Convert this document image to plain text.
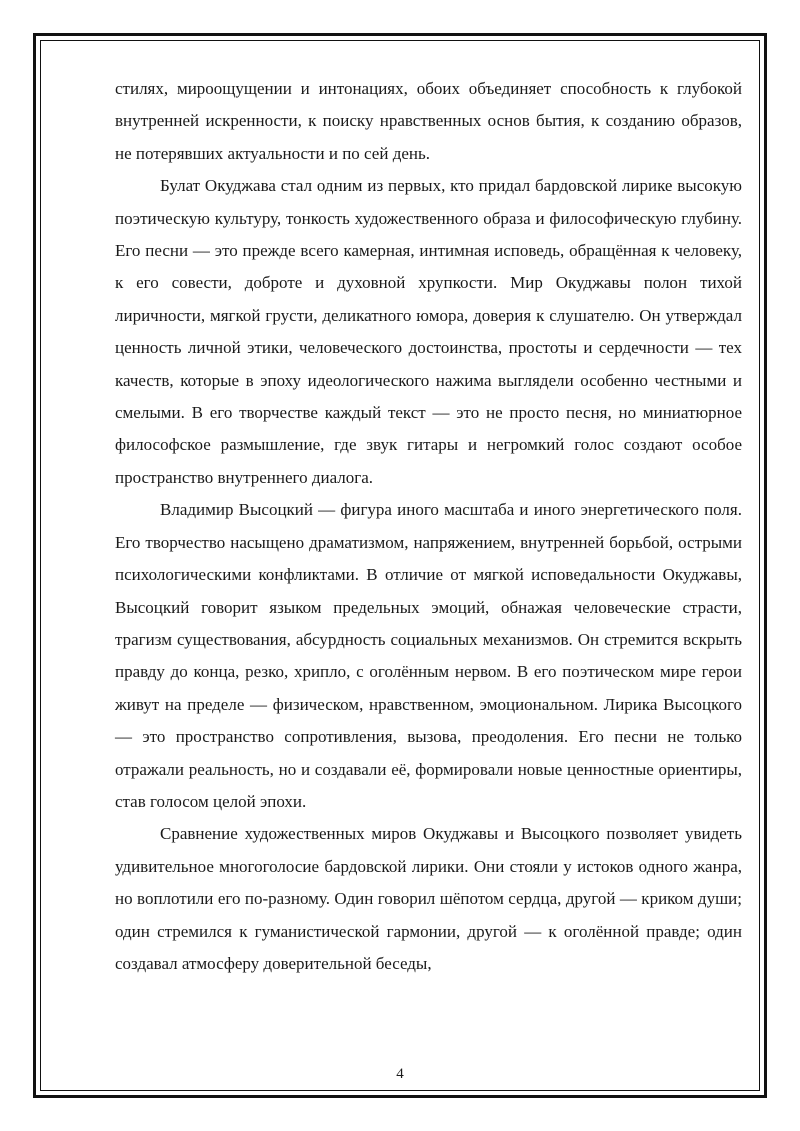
стилях, мироощущении и интонациях, обоих объединяет способность к глубокой внутренней искренности, к поиску нравственных основ бытия, к созданию образов, не потерявших актуальности и по сей день.

Булат Окуджава стал одним из первых, кто придал бардовской лирике высокую поэтическую культуру, тонкость художественного образа и философическую глубину. Его песни — это прежде всего камерная, интимная исповедь, обращённая к человеку, к его совести, доброте и духовной хрупкости. Мир Окуджавы полон тихой лиричности, мягкой грусти, деликатного юмора, доверия к слушателю. Он утверждал ценность личной этики, человеческого достоинства, простоты и сердечности — тех качеств, которые в эпоху идеологического нажима выглядели особенно честными и смелыми. В его творчестве каждый текст — это не просто песня, но миниатюрное философское размышление, где звук гитары и негромкий голос создают особое пространство внутреннего диалога.

Владимир Высоцкий — фигура иного масштаба и иного энергетического поля. Его творчество насыщено драматизмом, напряжением, внутренней борьбой, острыми психологическими конфликтами. В отличие от мягкой исповедальности Окуджавы, Высоцкий говорит языком предельных эмоций, обнажая человеческие страсти, трагизм существования, абсурдность социальных механизмов. Он стремится вскрыть правду до конца, резко, хрипло, с оголённым нервом. В его поэтическом мире герои живут на пределе — физическом, нравственном, эмоциональном. Лирика Высоцкого — это пространство сопротивления, вызова, преодоления. Его песни не только отражали реальность, но и создавали её, формировали новые ценностные ориентиры, став голосом целой эпохи.

Сравнение художественных миров Окуджавы и Высоцкого позволяет увидеть удивительное многоголосие бардовской лирики. Они стояли у истоков одного жанра, но воплотили его по-разному. Один говорил шёпотом сердца, другой — криком души; один стремился к гуманистической гармонии, другой — к оголённой правде; один создавал атмосферу доверительной беседы,

4
